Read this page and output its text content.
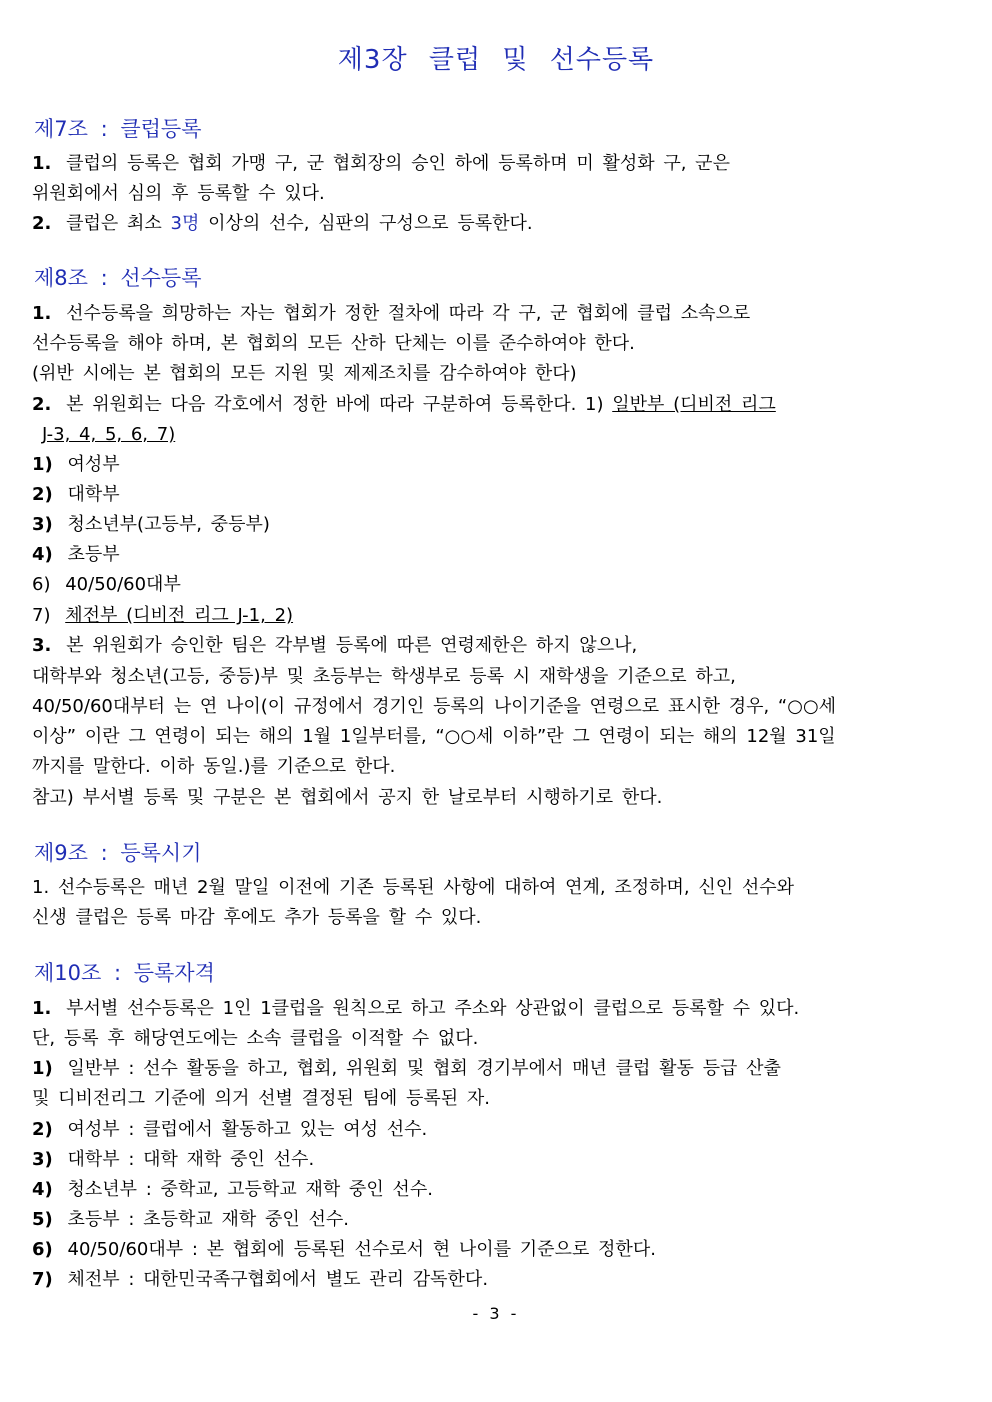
제3장 클럽 및 선수등록
제7조 : 클럽등록
1. 클럽의 등록은 협회 가맹 구, 군 협회장의 승인 하에 등록하며 미 활성화 구, 군은
위원회에서 심의 후 등록할 수 있다.
2. 클럽은 최소 3명 이상의 선수, 심판의 구성으로 등록한다.
제8조 : 선수등록
1. 선수등록을 희망하는 자는 협회가 정한 절차에 따라 각 구, 군 협회에 클럽 소속으로
선수등록을 해야 하며, 본 협회의 모든 산하 단체는 이를 준수하여야 한다.
(위반 시에는 본 협회의 모든 지원 및 제제조치를 감수하여야 한다)
2. 본 위원회는 다음 각호에서 정한 바에 따라 구분하여 등록한다. 1) 일반부 (디비전 리그
J-3, 4, 5, 6, 7)
1) 여성부
2) 대학부
3) 청소년부(고등부, 중등부)
4) 초등부
6) 40/50/60대부
7) 체전부 (디비전 리그 J-1, 2)
3. 본 위원회가 승인한 팀은 각부별 등록에 따른 연령제한은 하지 않으나,
대학부와 청소년(고등, 중등)부 및 초등부는 학생부로 등록 시 재학생을 기준으로 하고,
40/50/60대부터 는 연 나이(이 규정에서 경기인 등록의 나이기준을 연령으로 표시한 경우, “○○세
이상” 이란 그 연령이 되는 해의 1월 1일부터를, “○○세 이하”란 그 연령이 되는 해의 12월 31일
까지를 말한다. 이하 동일.)를 기준으로 한다.
참고) 부서별 등록 및 구분은 본 협회에서 공지 한 날로부터 시행하기로 한다.
제9조 : 등록시기
1. 선수등록은 매년 2월 말일 이전에 기존 등록된 사항에 대하여 연계, 조정하며, 신인 선수와
신생 클럽은 등록 마감 후에도 추가 등록을 할 수 있다.
제10조 : 등록자격
1. 부서별 선수등록은 1인 1클럽을 원칙으로 하고 주소와 상관없이 클럽으로 등록할 수 있다.
단, 등록 후 해당연도에는 소속 클럽을 이적할 수 없다.
1) 일반부 : 선수 활동을 하고, 협회, 위원회 및 협회 경기부에서 매년 클럽 활동 등급 산출
및 디비전리그 기준에 의거 선별 결정된 팀에 등록된 자.
2) 여성부 : 클럽에서 활동하고 있는 여성 선수.
3) 대학부 : 대학 재학 중인 선수.
4) 청소년부 : 중학교, 고등학교 재학 중인 선수.
5) 초등부 : 초등학교 재학 중인 선수.
6) 40/50/60대부 : 본 협회에 등록된 선수로서 현 나이를 기준으로 정한다.
7) 체전부 : 대한민국족구협회에서 별도 관리 감독한다.
- 3 -
